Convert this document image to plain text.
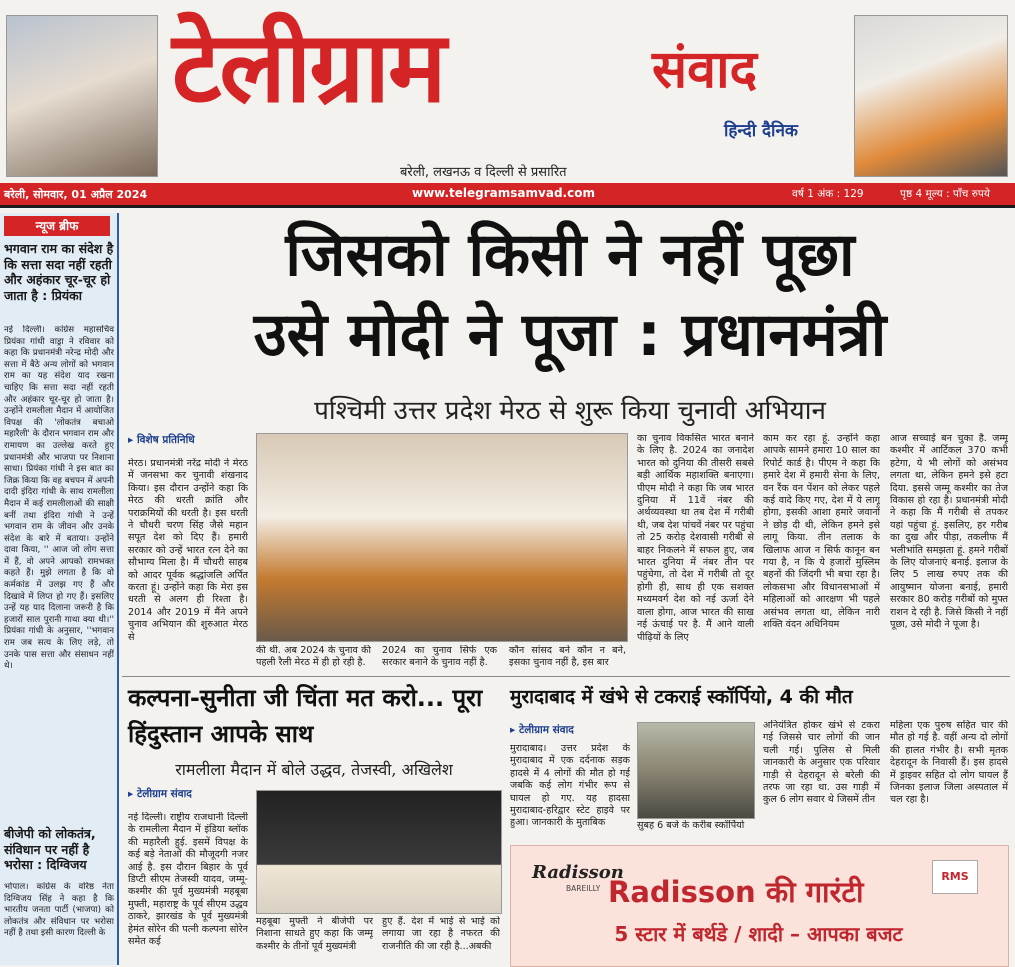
टेलीग्राम	संवाद
हिन्दी दैनिक
बरेली, लखनऊ व दिल्ली से प्रसारित
बरेली, सोमवार, 01 अप्रैल 2024	www.telegramsamvad.com	वर्ष 1 अंक : 129	पृष्ठ 4 मूल्य : पाँच रुपये
न्यूज ब्रीफ
भगवान राम का संदेश है कि सत्ता सदा नहीं रहती और अहंकार चूर-चूर हो जाता है : प्रियंका
नई दिल्ली। कांग्रेस महासचिव प्रियंका गांधी वाड्रा ने रविवार को कहा कि प्रधानमंत्री नरेन्द्र मोदी और सत्ता में बैठे अन्य लोगों को भगवान राम का यह संदेश याद रखना चाहिए कि सत्ता सदा नहीं रहती और अहंकार चूर-चूर हो जाता है। उन्होंने रामलीला मैदान में आयोजित विपक्ष की 'लोकतंत्र बचाओ महारैली' के दौरान भगवान राम और रामायण का उल्लेख करते हुए प्रधानमंत्री और भाजपा पर निशाना साधा। प्रियंका गांधी ने इस बात का जिक्र किया कि वह बचपन में अपनी दादी इंदिरा गांधी के साथ रामलीला मैदान में कई रामलीलाओं की साक्षी बनीं तथा इंदिरा गांधी ने उन्हें भगवान राम के जीवन और उनके संदेश के बारे में बताया। उन्होंने दावा किया, '' आज जो लोग सत्ता में हैं, वो अपने आपको रामभक्त कहते हैं। मुझे लगता है कि वो कर्मकांड में उलझ गए हैं और दिखावे में लिप्त हो गए हैं। इसलिए उन्हें यह याद दिलाना जरूरी है कि हजारों साल पुरानी गाथा क्या थी।'' प्रियंका गांधी के अनुसार, ''भगवान राम जब सत्य के लिए लड़े, तो उनके पास सत्ता और संसाधन नहीं थे।
बीजेपी को लोकतंत्र, संविधान पर नहीं है भरोसा : दिग्विजय
भोपाल। कांग्रेस के वरिष्ठ नेता दिग्विजय सिंह ने कहा है कि भारतीय जनता पार्टी (भाजपा) को लोकतंत्र और संविधान पर भरोसा नहीं है तथा इसी कारण दिल्ली के
जिसको किसी ने नहीं पूछा
उसे मोदी ने पूजा : प्रधानमंत्री
पश्चिमी उत्तर प्रदेश मेरठ से शुरू किया चुनावी अभियान
▸ विशेष प्रतिनिधि
मेरठ। प्रधानमंत्री नरेंद्र मोदी ने मेरठ में जनसभा कर चुनावी शंखनाद किया। इस दौरान उन्होंने कहा कि मेरठ की धरती क्रांति और पराक्रमियों की धरती है। इस धरती ने चौधरी चरण सिंह जैसे महान सपूत देश को दिए हैं। हमारी सरकार को उन्हें भारत रत्न देने का सौभाग्य मिला है। मैं चौधरी साहब को आदर पूर्वक श्रद्धांजलि अर्पित करता हूं। उन्होंने कहा कि मेरा इस धरती से अलग ही रिश्ता है। 2014 और 2019 में मैंने अपने चुनाव अभियान की शुरुआत मेरठ से
की थी. अब 2024 के चुनाव की पहली रैली मेरठ में ही हो रही है.
2024 का चुनाव सिर्फ एक सरकार बनाने के चुनाव नहीं है.
कौन सांसद बने कौन न बने, इसका चुनाव नहीं है, इस बार
का चुनाव विकसित भारत बनाने के लिए है. 2024 का जनादेश भारत को दुनिया की तीसरी सबसे बड़ी आर्थिक महाशक्ति बनाएगा। पीएम मोदी ने कहा कि जब भारत दुनिया में 11वें नंबर की अर्थव्यवस्था था तब देश में गरीबी थी, जब देश पांचवें नंबर पर पहुंचा तो 25 करोड़ देशवासी गरीबी से बाहर निकलने में सफल हुए, जब भारत दुनिया में नंबर तीन पर पहुंचेगा, तो देश में गरीबी तो दूर होगी ही, साथ ही एक सशक्त मध्यमवर्ग देश को नई ऊर्जा देने वाला होगा, आज भारत की साख नई ऊंचाई पर है. मैं आने वाली पीढ़ियों के लिए
काम कर रहा हूं. उन्होंने कहा आपके सामने हमारा 10 साल का रिपोर्ट कार्ड है। पीएम ने कहा कि हमारे देश में हमारी सेना के लिए, वन रैंक वन पेंशन को लेकर पहले कई वादे किए गए, देश में ये लागू होगा, इसकी आशा हमारे जवानों ने छोड़ दी थी, लेकिन हमने इसे लागू किया. तीन तलाक के खिलाफ आज न सिर्फ कानून बन गया है, न कि ये हजारों मुस्लिम बहनों की जिंदगी भी बचा रहा है। लोकसभा और विधानसभाओं में महिलाओं को आरक्षण भी पहले असंभव लगता था, लेकिन नारी शक्ति वंदन अधिनियम
आज सच्चाई बन चुका है. जम्मू कश्मीर में आर्टिकल 370 कभी हटेगा, ये भी लोगों को असंभव लगता था, लेकिन हमने इसे हटा दिया. इससे जम्मू कश्मीर का तेज विकास हो रहा है। प्रधानमंत्री मोदी ने कहा कि मैं गरीबी से तपकर यहां पहुंचा हूं. इसलिए, हर गरीब का दुख और पीड़ा, तकलीफ मैं भलीभांति समझता हूं. हमने गरीबों के लिए योजनाएं बनाई. इलाज के लिए 5 लाख रुपए तक की आयुष्मान योजना बनाई, हमारी सरकार 80 करोड़ गरीबों को मुफ्त राशन दे रही है. जिसे किसी ने नहीं पूछा, उसे मोदी ने पूजा है।
कल्पना-सुनीता जी चिंता मत करो... पूरा हिंदुस्तान आपके साथ
रामलीला मैदान में बोले उद्धव, तेजस्वी, अखिलेश
▸ टेलीग्राम संवाद
नई दिल्ली। राष्ट्रीय राजधानी दिल्ली के रामलीला मैदान में इंडिया ब्लॉक की महारैली हुई. इसमें विपक्ष के कई बड़े नेताओं की मौजूदगी नजर आई है. इस दौरान बिहार के पूर्व डिप्टी सीएम तेजस्वी यादव, जम्मू-कश्मीर की पूर्व मुख्यमंत्री महबूबा मुफ्ती, महाराष्ट्र के पूर्व सीएम उद्धव ठाकरे, झारखंड के पूर्व मुख्यमंत्री हेमंत सोरेन की पत्नी कल्पना सोरेन समेत कई
महबूबा मुफ्ती ने बीजेपी पर निशाना साधते हुए कहा कि जम्मू कश्मीर के तीनों पूर्व मुख्यमंत्री
हुए हैं. देश में भाई से भाई को लगाया जा रहा है नफरत की राजनीति की जा रही है...अबकी
मुरादाबाद में खंभे से टकराई स्कॉर्पियो, 4 की मौत
▸ टेलीग्राम संवाद
मुरादाबाद। उत्तर प्रदेश के मुरादाबाद में एक दर्दनाक सड़क हादसे में 4 लोगों की मौत हो गई जबकि कई लोग गंभीर रूप से घायल हो गए. यह हादसा मुरादाबाद-हरिद्वार स्टेट हाइवे पर हुआ। जानकारी के मुताबिक	सुबह 6 बजे के करीब स्कॉर्पियो
अनियंत्रित होकर खंभे से टकरा गई जिससे चार लोगों की जान चली गई। पुलिस से मिली जानकारी के अनुसार एक परिवार गाड़ी से देहरादून से बरेली की तरफ जा रहा था. उस गाड़ी में कुल 6 लोग सवार थे जिसमें तीन
महिला एक पुरुष सहित चार की मौत हो गई है. वहीं अन्य दो लोगों की हालत गंभीर है। सभी मृतक देहरादून के निवासी हैं। इस हादसे में ड्राइवर सहित दो लोग घायल हैं जिनका इलाज जिला अस्पताल में चल रहा है।
Radisson
BAREILLY Radisson की गारंटी	RMS
5 स्टार में बर्थडे / शादी – आपका बजट
